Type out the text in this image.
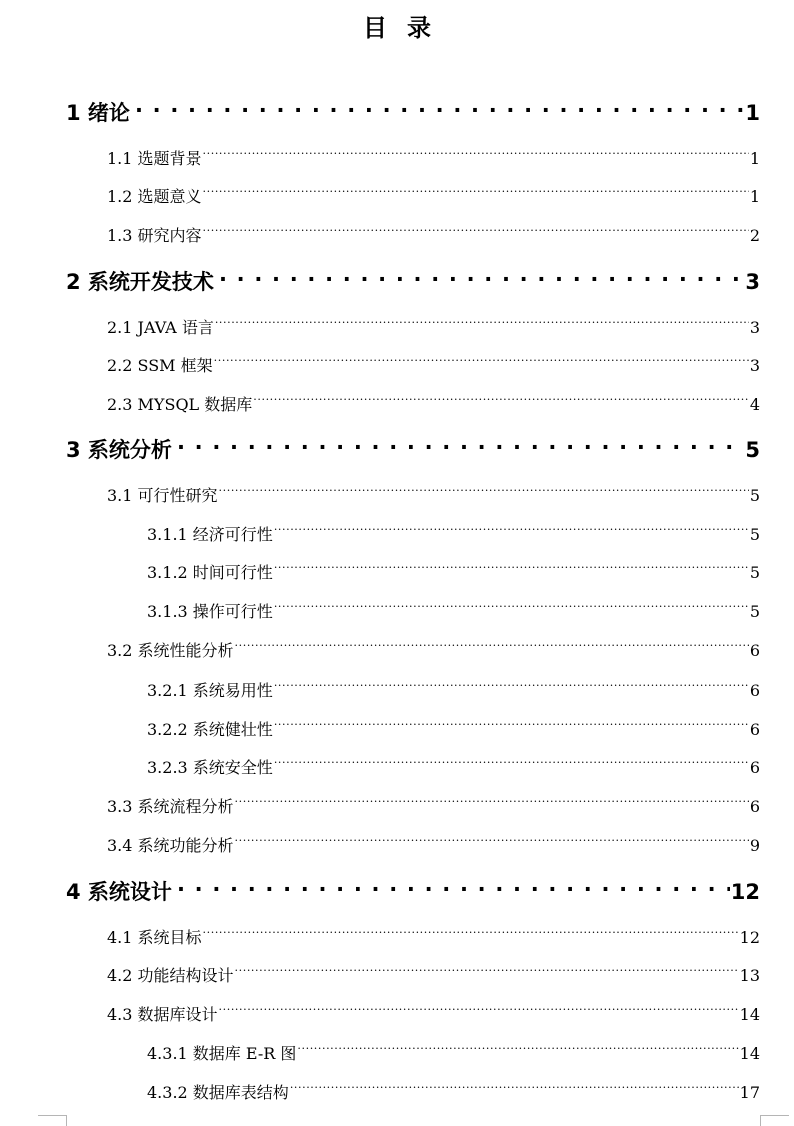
目录
1 绪论 . . .	1
1.1 选题背景 .....	1
1.2 选题意义 .....	1
1.3 研究内容 .....	2
2 系统开发技术 . . .	3
2.1 JAVA 语言 .....	3
2.2 SSM 框架 .....	3
2.3 MYSQL 数据库 .....	4
3 系统分析 . . .	5
3.1 可行性研究 .....	5
3.1.1 经济可行性 .....	5
3.1.2 时间可行性 .....	5
3.1.3 操作可行性 .....	5
3.2 系统性能分析 .....	6
3.2.1 系统易用性 .....	6
3.2.2 系统健壮性 .....	6
3.2.3 系统安全性 .....	6
3.3 系统流程分析 .....	6
3.4 系统功能分析 .....	9
4 系统设计 . . .	12
4.1 系统目标 .....	12
4.2 功能结构设计 .....	13
4.3 数据库设计 .....	14
4.3.1 数据库 E-R 图 .....	14
4.3.2 数据库表结构 .....	17
